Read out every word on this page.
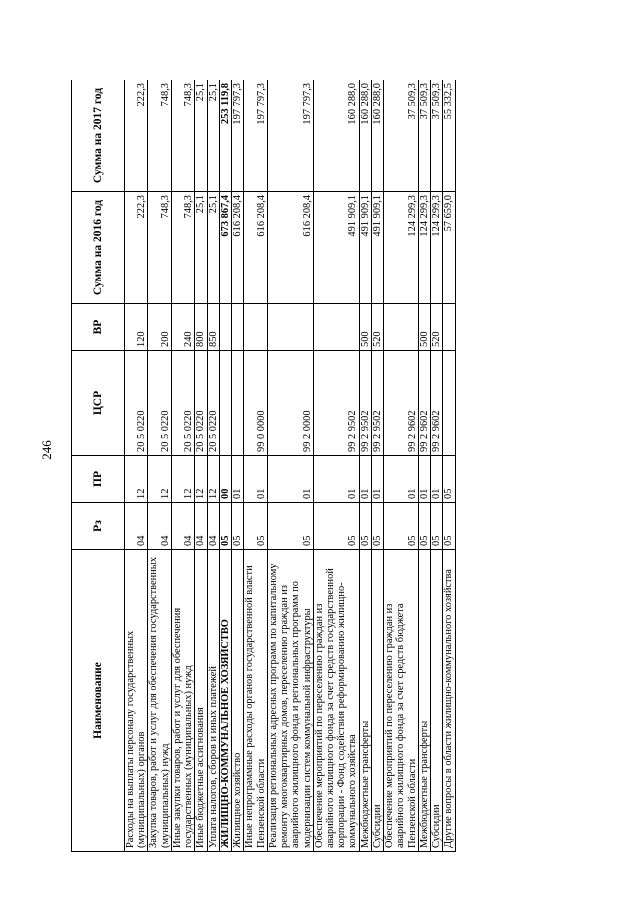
246
Наименование	Рз	ПР	ЦСР	ВР	Сумма на 2016 год	Сумма на 2017 год
Расходы на выплаты персоналу государственных (муниципальных) органов	04	12	20 5 0220	120	222,3	222,3
Закупка товаров, работ и услуг для обеспечения государственных (муниципальных) нужд	04	12	20 5 0220	200	748,3	748,3
Иные закупки товаров, работ и услуг для обеспечения государственных (муниципальных) нужд	04	12	20 5 0220	240	748,3	748,3
Иные бюджетные ассигнования	04	12	20 5 0220	800	25,1	25,1
Уплата налогов, сборов и иных платежей	04	12	20 5 0220	850	25,1	25,1
ЖИЛИЩНО-КОММУНАЛЬНОЕ ХОЗЯЙСТВО	05	00			673 867,4	253 119,8
Жилищное хозяйство	05	01			616 208,4	197 797,3
Иные непрограммные расходы органов государственной власти Пензенской области	05	01	99 0 0000		616 208,4	197 797,3
Реализация региональных адресных программ по капитальному ремонту многоквартирных домов, переселению граждан из аварийного жилищного фонда и региональных программ по модернизации систем коммунальной инфраструктуры	05	01	99 2 0000		616 208,4	197 797,3
Обеспечение мероприятий по переселению граждан из аварийного жилищного фонда за счет средств государственной корпорации - Фонд содействия реформированию жилищно-коммунального хозяйства	05	01	99 2 9502		491 909,1	160 288,0
Межбюджетные трансферты	05	01	99 2 9502	500	491 909,1	160 288,0
Субсидии	05	01	99 2 9502	520	491 909,1	160 288,0
Обеспечение мероприятий по переселению граждан из аварийного жилищного фонда за счет средств бюджета Пензенской области	05	01	99 2 9602		124 299,3	37 509,3
Межбюджетные трансферты	05	01	99 2 9602	500	124 299,3	37 509,3
Субсидии	05	01	99 2 9602	520	124 299,3	37 509,3
Другие вопросы в области жилищно-коммунального хозяйства	05	05			57 659,0	55 332,5
